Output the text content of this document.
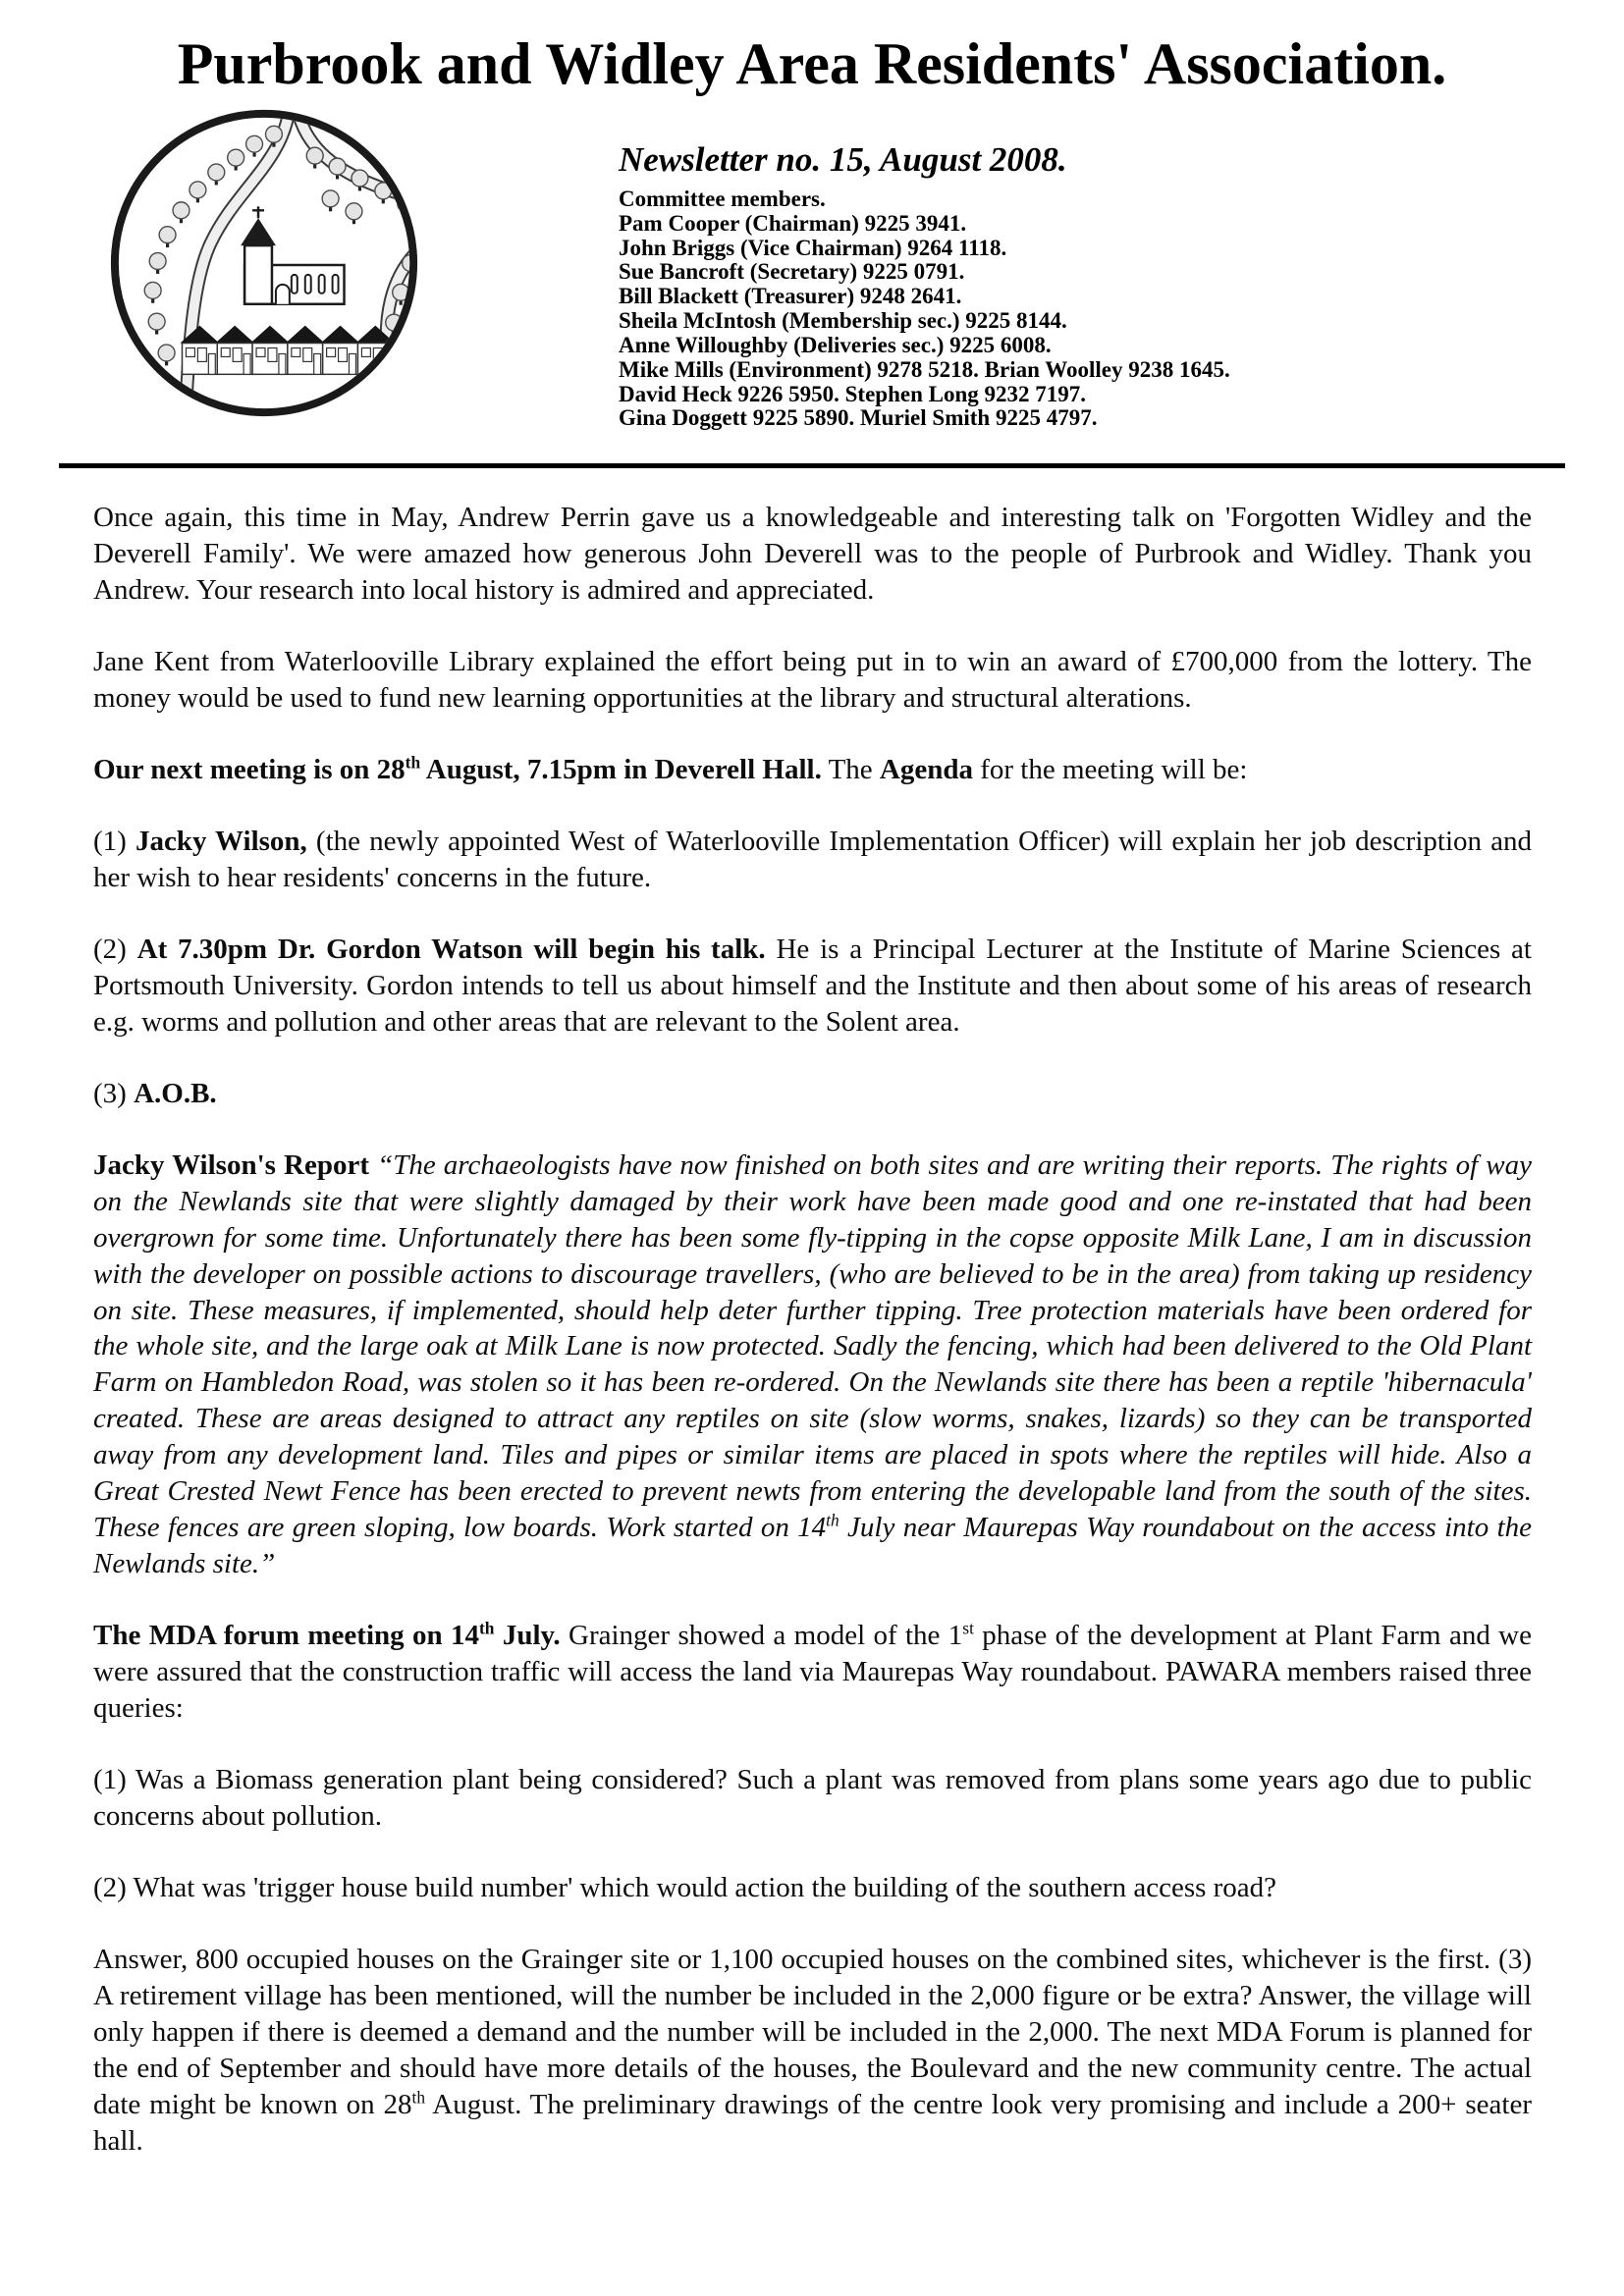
Purbrook and Widley Area Residents' Association.
Newsletter no. 15, August 2008.
Committee members.
Pam Cooper (Chairman) 9225 3941.
John Briggs (Vice Chairman) 9264 1118.
Sue Bancroft (Secretary) 9225 0791.
Bill Blackett (Treasurer) 9248 2641.
Sheila McIntosh (Membership sec.) 9225 8144.
Anne Willoughby (Deliveries sec.) 9225 6008.
Mike Mills (Environment) 9278 5218. Brian Woolley 9238 1645.
David Heck 9226 5950. Stephen Long 9232 7197.
Gina Doggett 9225 5890. Muriel Smith 9225 4797.

Once again, this time in May, Andrew Perrin gave us a knowledgeable and interesting talk on 'Forgotten Widley and the Deverell Family'. We were amazed how generous John Deverell was to the people of Purbrook and Widley. Thank you Andrew. Your research into local history is admired and appreciated.

Jane Kent from Waterlooville Library explained the effort being put in to win an award of £700,000 from the lottery. The money would be used to fund new learning opportunities at the library and structural alterations.

Our next meeting is on 28th August, 7.15pm in Deverell Hall. The Agenda for the meeting will be:

(1) Jacky Wilson, (the newly appointed West of Waterlooville Implementation Officer) will explain her job description and her wish to hear residents' concerns in the future.

(2) At 7.30pm Dr. Gordon Watson will begin his talk. He is a Principal Lecturer at the Institute of Marine Sciences at Portsmouth University. Gordon intends to tell us about himself and the Institute and then about some of his areas of research e.g. worms and pollution and other areas that are relevant to the Solent area.

(3) A.O.B.

Jacky Wilson's Report “The archaeologists have now finished on both sites and are writing their reports. The rights of way on the Newlands site that were slightly damaged by their work have been made good and one re-instated that had been overgrown for some time. Unfortunately there has been some fly-tipping in the copse opposite Milk Lane, I am in discussion with the developer on possible actions to discourage travellers, (who are believed to be in the area) from taking up residency on site. These measures, if implemented, should help deter further tipping. Tree protection materials have been ordered for the whole site, and the large oak at Milk Lane is now protected. Sadly the fencing, which had been delivered to the Old Plant Farm on Hambledon Road, was stolen so it has been re-ordered. On the Newlands site there has been a reptile 'hibernacula' created. These are areas designed to attract any reptiles on site (slow worms, snakes, lizards) so they can be transported away from any development land. Tiles and pipes or similar items are placed in spots where the reptiles will hide. Also a Great Crested Newt Fence has been erected to prevent newts from entering the developable land from the south of the sites. These fences are green sloping, low boards. Work started on 14th July near Maurepas Way roundabout on the access into the Newlands site.”

The MDA forum meeting on 14th July. Grainger showed a model of the 1st phase of the development at Plant Farm and we were assured that the construction traffic will access the land via Maurepas Way roundabout. PAWARA members raised three queries:

(1) Was a Biomass generation plant being considered? Such a plant was removed from plans some years ago due to public concerns about pollution.

(2) What was 'trigger house build number' which would action the building of the southern access road?

Answer, 800 occupied houses on the Grainger site or 1,100 occupied houses on the combined sites, whichever is the first. (3) A retirement village has been mentioned, will the number be included in the 2,000 figure or be extra? Answer, the village will only happen if there is deemed a demand and the number will be included in the 2,000. The next MDA Forum is planned for the end of September and should have more details of the houses, the Boulevard and the new community centre. The actual date might be known on 28th August. The preliminary drawings of the centre look very promising and include a 200+ seater hall.
